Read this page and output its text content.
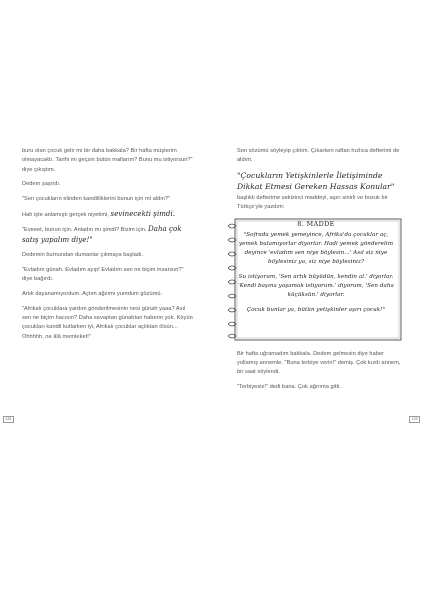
buru olan çocuk gelir mi bir daha bakkala? Bir hafta müşterim olmayacaktı. Tarihi mi geçsin bütün mallarım? Bunu mu istiyorsun?" diye çıkıştım.

Dedem şaşırdı.

"Sen çocukların elinden kandilliklerini bunun için mi aldın?"

Hah işte anlamıştı gerçek niyetimi, sevinecekti şimdi.

"Eveeet, bunun için. Anladın mı şimdi? Bizim için. Daha çok satış yapalım diye!"

Dedemin burnundan dumanlar çıkmaya başladı.

"Evladım günah. Evladım ayıp! Evladım sen ne biçim insansın?" diye bağırdı.

Artık dayanamıyordum. Açtım ağzımı yumdum gözümü.

"Afrikalı çocuklara yardım gönderilmesinin nesi günah yaaa? Asıl sen ne biçim hacısın? Daha sevaptan günahtan haberin yok. Köyün çocukları kandil kutlarken iyi, Afrikalı çocuklar açlıktan ölsün... Ohhhhh, ne âlâ memleket!"

128

Son sözümü söyleyip çıktım. Çıkarken raftan hızlıca defterimi de aldım.

"Çocukların Yetişkinlerle İletişiminde Dikkat Etmesi Gereken Hassas Konular" başlıklı defterime sekizinci maddeyi, aşırı sinirli ve bozuk bir Türkçe'yle yazdım:

8. MADDE

"Sofrada yemek yemeyince, Afrika'da çocuklar aç, yemek bulamıyorlar diyorlar. Hadi yemek gönderelim deyince 'evladım sen niye böylesin...' Asıl siz niye böylesiniz ya, siz niye böylesiniz?

Su istiyorum, 'Sen artık büyüdün, kendin al.' diyorlar. 'Kendi başına yaşamak istiyorum.' diyorum, 'Sen daha küçüksün.' diyorlar.

Çocuk bunlar ya, bütün yetişkinler aşırı çocuk!"

Bir hafta uğramadım bakkala. Dedem gelmesin diye haber yollamış annemle. "Buna terbiye verin!" demiş. Çok kızdı annem, bir saat söylendi.

"Terbiyesiz!" dedi bana. Çok ağırıma gitti.

129
